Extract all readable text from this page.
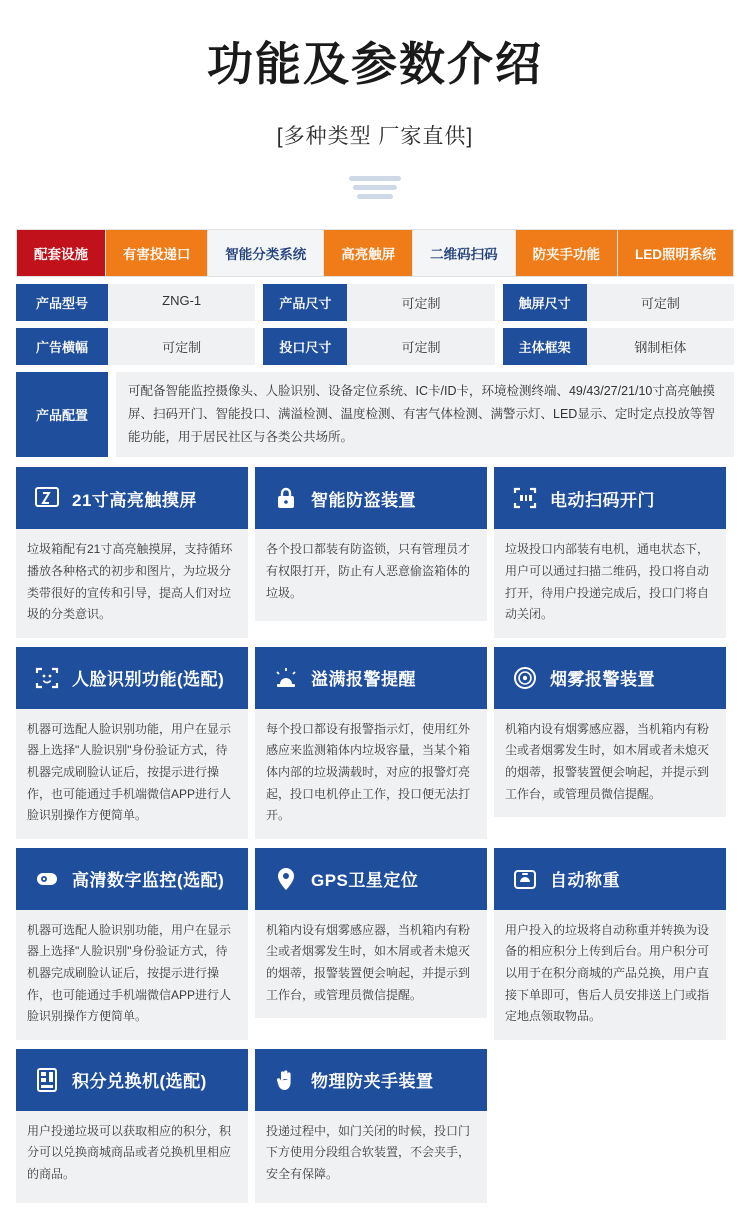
功能及参数介绍
[多种类型 厂家直供]
配套设施	有害投递口	智能分类系统	高亮触屏	二维码扫码	防夹手功能	LED照明系统
产品型号	ZNG-1	产品尺寸	可定制	触屏尺寸	可定制
广告横幅	可定制	投口尺寸	可定制	主体框架	钢制柜体
产品配置
可配备智能监控摄像头、人脸识别、设备定位系统、IC卡/ID卡，环境检测终端、49/43/27/21/10寸高亮触摸屏、扫码开门、智能投口、满溢检测、温度检测、有害气体检测、满警示灯、LED显示、定时定点投放等智能功能，用于居民社区与各类公共场所。
21寸高亮触摸屏
垃圾箱配有21寸高亮触摸屏，支持循环播放各种格式的初步和图片，为垃圾分类带很好的宣传和引导，提高人们对垃圾的分类意识。
智能防盗装置
各个投口都装有防盗锁，只有管理员才有权限打开，防止有人恶意偷盗箱体的垃圾。
电动扫码开门
垃圾投口内部装有电机，通电状态下，用户可以通过扫描二维码，投口将自动打开，待用户投递完成后，投口门将自动关闭。
人脸识别功能(选配)
机器可选配人脸识别功能，用户在显示器上选择"人脸识别"身份验证方式，待机器完成刷脸认证后，按提示进行操作，也可能通过手机端微信APP进行人脸识别操作方便简单。
溢满报警提醒
每个投口都设有报警指示灯，使用红外感应来监测箱体内垃圾容量，当某个箱体内部的垃圾满载时，对应的报警灯亮起，投口电机停止工作，投口便无法打开。
烟雾报警装置
机箱内设有烟雾感应器，当机箱内有粉尘或者烟雾发生时，如木屑或者未熄灭的烟蒂，报警装置便会响起，并提示到工作台，或管理员微信提醒。
高清数字监控(选配)
机器可选配人脸识别功能，用户在显示器上选择"人脸识别"身份验证方式，待机器完成刷脸认证后，按提示进行操作，也可能通过手机端微信APP进行人脸识别操作方便简单。
GPS卫星定位
机箱内设有烟雾感应器，当机箱内有粉尘或者烟雾发生时，如木屑或者未熄灭的烟蒂，报警装置便会响起，并提示到工作台，或管理员微信提醒。
自动称重
用户投入的垃圾将自动称重并转换为设备的相应积分上传到后台。用户积分可以用于在积分商城的产品兑换，用户直接下单即可，售后人员安排送上门或指定地点领取物品。
积分兑换机(选配)
用户投递垃圾可以获取相应的积分，积分可以兑换商城商品或者兑换机里相应的商品。
物理防夹手装置
投递过程中，如门关闭的时候，投口门下方使用分段组合软装置，不会夹手，安全有保障。
